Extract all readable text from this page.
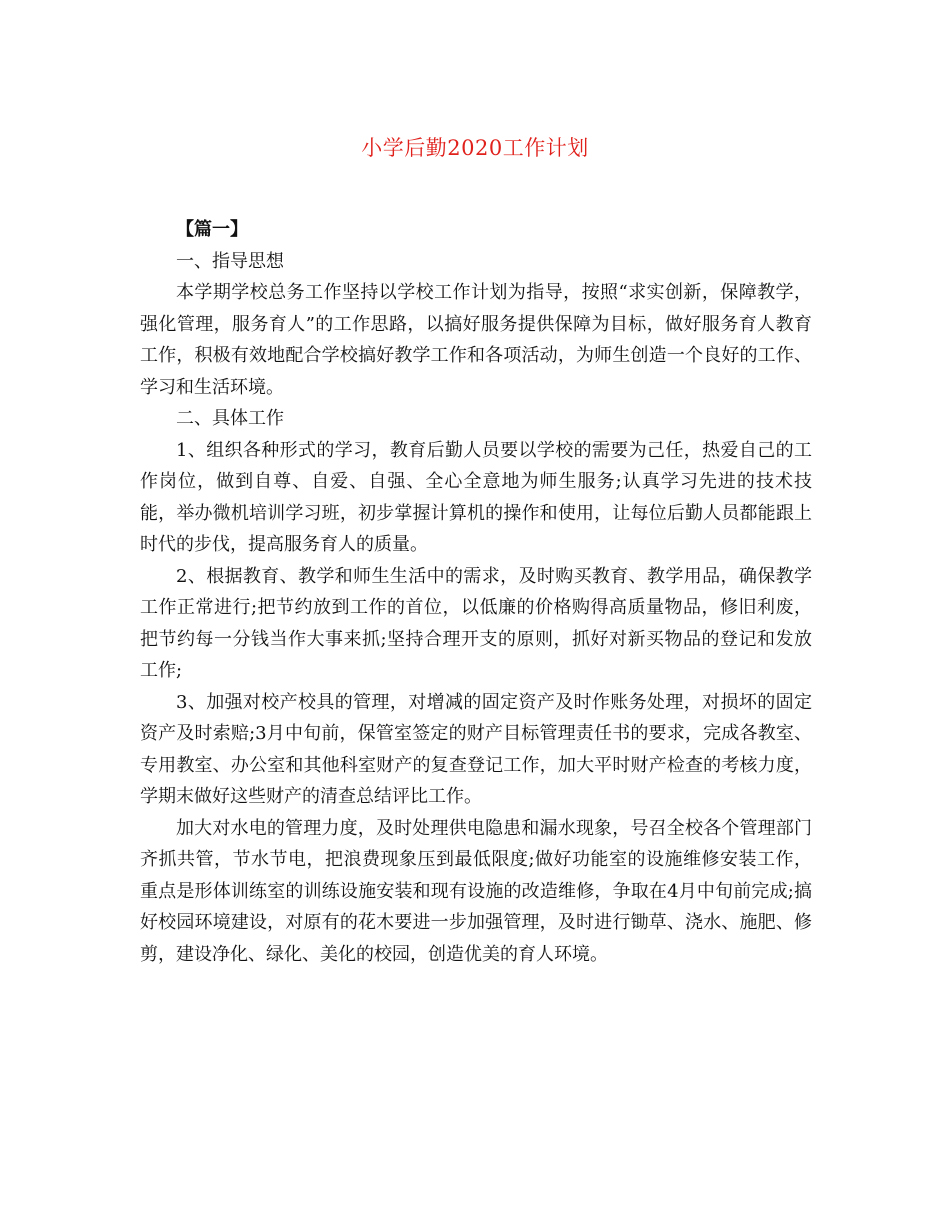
小学后勤2020工作计划

【篇一】

一、指导思想

本学期学校总务工作坚持以学校工作计划为指导，按照“求实创新，保障教学，强化管理，服务育人”的工作思路，以搞好服务提供保障为目标，做好服务育人教育工作，积极有效地配合学校搞好教学工作和各项活动，为师生创造一个良好的工作、学习和生活环境。

二、具体工作

1、组织各种形式的学习，教育后勤人员要以学校的需要为己任，热爱自己的工作岗位，做到自尊、自爱、自强、全心全意地为师生服务;认真学习先进的技术技能，举办微机培训学习班，初步掌握计算机的操作和使用，让每位后勤人员都能跟上时代的步伐，提高服务育人的质量。

2、根据教育、教学和师生生活中的需求，及时购买教育、教学用品，确保教学工作正常进行;把节约放到工作的首位，以低廉的价格购得高质量物品，修旧利废，把节约每一分钱当作大事来抓;坚持合理开支的原则，抓好对新买物品的登记和发放工作;

3、加强对校产校具的管理，对增减的固定资产及时作账务处理，对损坏的固定资产及时索赔;3月中旬前，保管室签定的财产目标管理责任书的要求，完成各教室、专用教室、办公室和其他科室财产的复查登记工作，加大平时财产检查的考核力度，学期末做好这些财产的清查总结评比工作。

加大对水电的管理力度，及时处理供电隐患和漏水现象，号召全校各个管理部门齐抓共管，节水节电，把浪费现象压到最低限度;做好功能室的设施维修安装工作，重点是形体训练室的训练设施安装和现有设施的改造维修，争取在4月中旬前完成;搞好校园环境建设，对原有的花木要进一步加强管理，及时进行锄草、浇水、施肥、修剪，建设净化、绿化、美化的校园，创造优美的育人环境。
